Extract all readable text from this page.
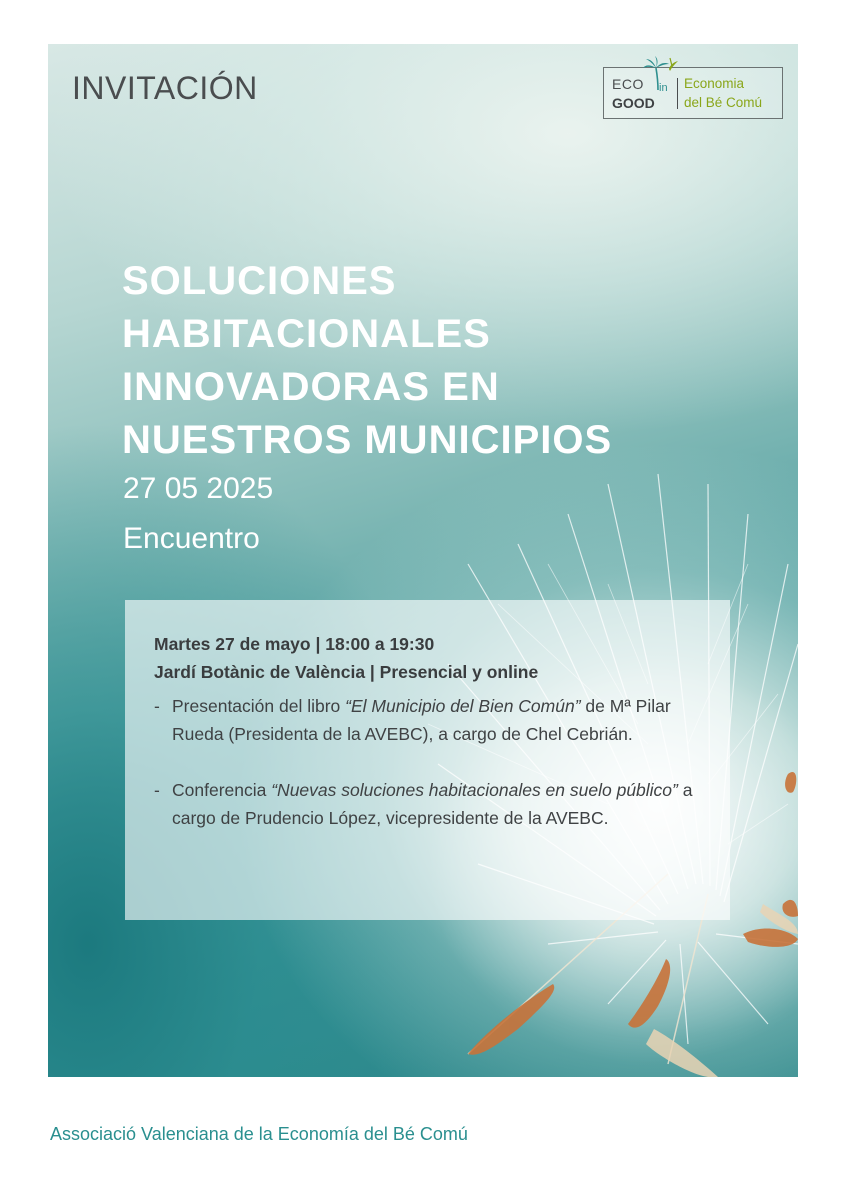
INVITACIÓN	ECO in
GOOD
Economia
del Bé Comú
SOLUCIONES
HABITACIONALES
INNOVADORAS EN
NUESTROS MUNICIPIOS
27 05 2025
Encuentro
Martes 27 de mayo | 18:00 a 19:30
Jardí Botànic de València | Presencial y online
- Presentación del libro “El Municipio del Bien Común” de Mª Pilar Rueda (Presidenta de la AVEBC), a cargo de Chel Cebrián.
- Conferencia “Nuevas soluciones habitacionales en suelo público” a cargo de Prudencio López, vicepresidente de la AVEBC.
Associació Valenciana de la Economía del Bé Comú
